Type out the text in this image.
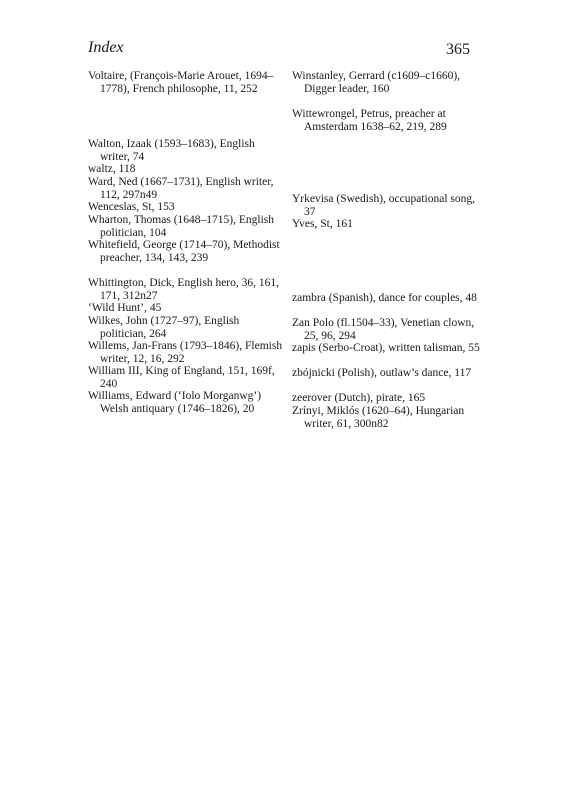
Index	365
Voltaire, (François-Marie Arouet, 1694–1778), French philosophe, 11, 252
Walton, Izaak (1593–1683), English writer, 74
waltz, 118
Ward, Ned (1667–1731), English writer, 112, 297n49
Wenceslas, St, 153
Wharton, Thomas (1648–1715), English politician, 104
Whitefield, George (1714–70), Methodist preacher, 134, 143, 239
Whittington, Dick, English hero, 36, 161, 171, 312n27
‘Wild Hunt’, 45
Wilkes, John (1727–97), English politician, 264
Willems, Jan-Frans (1793–1846), Flemish writer, 12, 16, 292
William III, King of England, 151, 169f, 240
Williams, Edward (‘Iolo Morganwg’) Welsh antiquary (1746–1826), 20
Winstanley, Gerrard (c1609–c1660), Digger leader, 160
Wittewrongel, Petrus, preacher at Amsterdam 1638–62, 219, 289
Yrkevisa (Swedish), occupational song, 37
Yves, St, 161
zambra (Spanish), dance for couples, 48
Zan Polo (fl.1504–33), Venetian clown, 25, 96, 294
zapis (Serbo-Croat), written talisman, 55
zbójnicki (Polish), outlaw’s dance, 117
zeerover (Dutch), pirate, 165
Zrínyi, Miklós (1620–64), Hungarian writer, 61, 300n82
